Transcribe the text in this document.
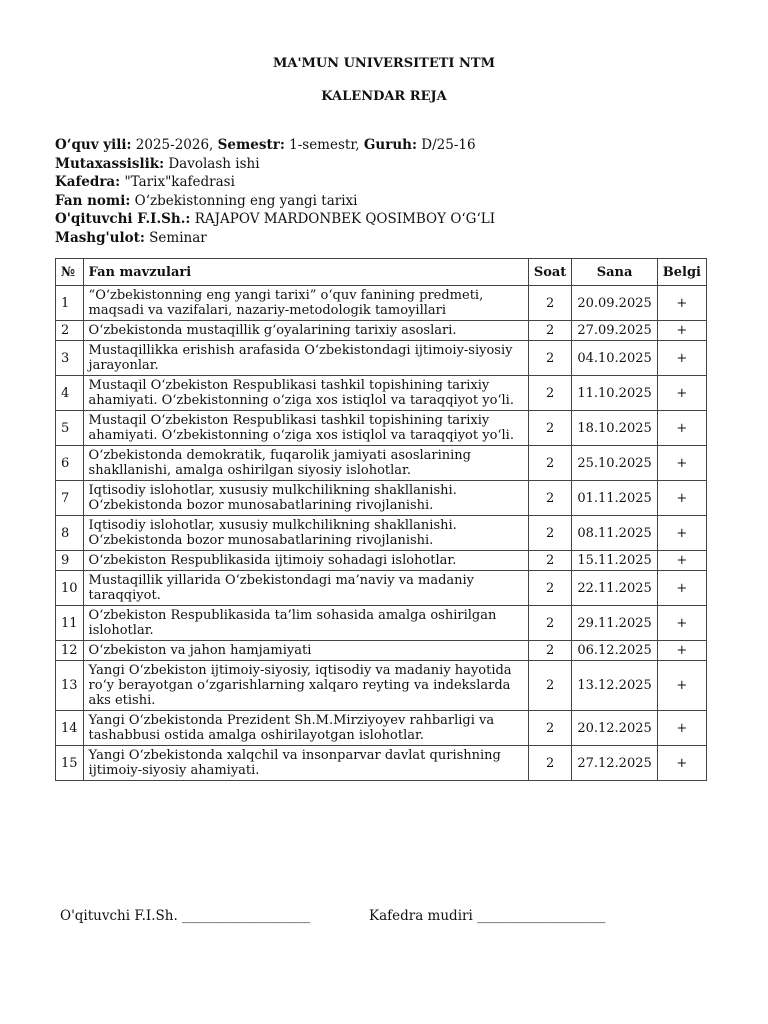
MA'MUN UNIVERSITETI NTM
KALENDAR REJA
O‘quv yili: 2025-2026, Semestr: 1-semestr, Guruh: D/25-16
Mutaxassislik: Davolash ishi
Kafedra: "Tarix"kafedrasi
Fan nomi: O‘zbekistonning eng yangi tarixi
O'qituvchi F.I.Sh.: RAJAPOV MARDONBEK QOSIMBOY O‘G‘LI
Mashg'ulot: Seminar
№	Fan mavzulari	Soat	Sana	Belgi
1	“O‘zbekistonning eng yangi tarixi” o‘quv fanining predmeti, maqsadi va vazifalari, nazariy-metodologik tamoyillari	2	20.09.2025	+
2	O‘zbekistonda mustaqillik g‘oyalarining tarixiy asoslari.	2	27.09.2025	+
3	Mustaqillikka erishish arafasida O‘zbekistondagi ijtimoiy-siyosiy jarayonlar.	2	04.10.2025	+
4	Mustaqil O‘zbekiston Respublikasi tashkil topishining tarixiy ahamiyati. O‘zbekistonning o‘ziga xos istiqlol va taraqqiyot yo‘li.	2	11.10.2025	+
5	Mustaqil O‘zbekiston Respublikasi tashkil topishining tarixiy ahamiyati. O‘zbekistonning o‘ziga xos istiqlol va taraqqiyot yo‘li.	2	18.10.2025	+
6	O‘zbekistonda demokratik, fuqarolik jamiyati asoslarining shakllanishi, amalga oshirilgan siyosiy islohotlar.	2	25.10.2025	+
7	Iqtisodiy islohotlar, xususiy mulkchilikning shakllanishi. O‘zbekistonda bozor munosabatlarining rivojlanishi.	2	01.11.2025	+
8	Iqtisodiy islohotlar, xususiy mulkchilikning shakllanishi. O‘zbekistonda bozor munosabatlarining rivojlanishi.	2	08.11.2025	+
9	O‘zbekiston Respublikasida ijtimoiy sohadagi islohotlar.	2	15.11.2025	+
10	Mustaqillik yillarida O‘zbekistondagi ma’naviy va madaniy taraqqiyot.	2	22.11.2025	+
11	O‘zbekiston Respublikasida ta’lim sohasida amalga oshirilgan islohotlar.	2	29.11.2025	+
12	O‘zbekiston va jahon hamjamiyati	2	06.12.2025	+
13	Yangi O‘zbekiston ijtimoiy-siyosiy, iqtisodiy va madaniy hayotida ro‘y berayotgan o‘zgarishlarning xalqaro reyting va indekslarda aks etishi.	2	13.12.2025	+
14	Yangi O‘zbekistonda Prezident Sh.M.Mirziyoyev rahbarligi va tashabbusi ostida amalga oshirilayotgan islohotlar.	2	20.12.2025	+
15	Yangi O‘zbekistonda xalqchil va insonparvar davlat qurishning ijtimoiy-siyosiy ahamiyati.	2	27.12.2025	+
O'qituvchi F.I.Sh. ___________________	Kafedra mudiri ___________________
